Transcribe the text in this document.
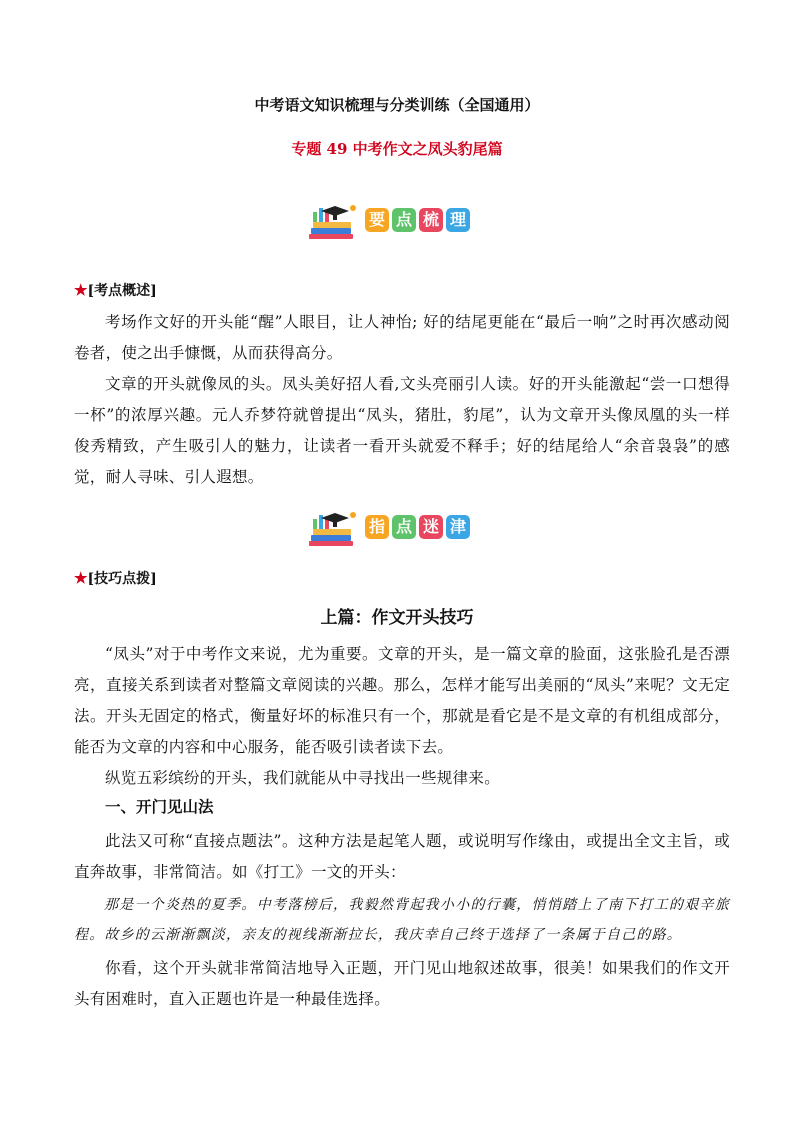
中考语文知识梳理与分类训练（全国通用）
专题 49 中考作文之凤头豹尾篇
要 点 梳 理
★[考点概述]
考场作文好的开头能“醒”人眼目，让人神怡; 好的结尾更能在“最后一响”之时再次感动阅卷者，使之出手慷慨，从而获得高分。
文章的开头就像凤的头。凤头美好招人看,文头亮丽引人读。好的开头能激起“尝一口想得一杯”的浓厚兴趣。元人乔梦符就曾提出“凤头，猪肚，豹尾”，认为文章开头像凤凰的头一样俊秀精致，产生吸引人的魅力，让读者一看开头就爱不释手；好的结尾给人“余音袅袅”的感觉，耐人寻味、引人遐想。
指 点 迷 津
★[技巧点拨]
上篇：作文开头技巧
“凤头”对于中考作文来说，尤为重要。文章的开头，是一篇文章的脸面，这张脸孔是否漂亮，直接关系到读者对整篇文章阅读的兴趣。那么，怎样才能写出美丽的“凤头”来呢？文无定法。开头无固定的格式，衡量好坏的标准只有一个，那就是看它是不是文章的有机组成部分，能否为文章的内容和中心服务，能否吸引读者读下去。
纵览五彩缤纷的开头，我们就能从中寻找出一些规律来。
一、开门见山法
此法又可称“直接点题法”。这种方法是起笔人题，或说明写作缘由，或提出全文主旨，或直奔故事，非常简洁。如《打工》一文的开头：
那是一个炎热的夏季。中考落榜后，我毅然背起我小小的行囊，悄悄踏上了南下打工的艰辛旅程。故乡的云渐渐飘淡，亲友的视线渐渐拉长，我庆幸自己终于选择了一条属于自己的路。
你看，这个开头就非常简洁地导入正题，开门见山地叙述故事，很美！如果我们的作文开头有困难时，直入正题也许是一种最佳选择。
